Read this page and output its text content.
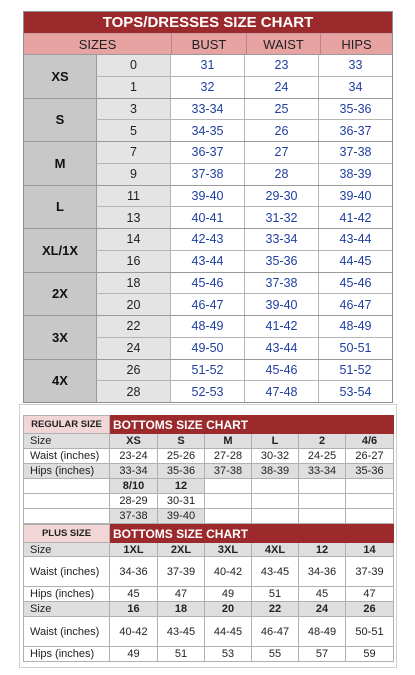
TOPS/DRESSES SIZE CHART
SIZES	BUST	WAIST	HIPS
XS
0	31	23	33
1	32	24	34
S
3	33-34	25	35-36
5	34-35	26	36-37
M
7	36-37	27	37-38
9	37-38	28	38-39
L
11	39-40	29-30	39-40
13	40-41	31-32	41-42
XL/1X
14	42-43	33-34	43-44
16	43-44	35-36	44-45
2X
18	45-46	37-38	45-46
20	46-47	39-40	46-47
3X
22	48-49	41-42	48-49
24	49-50	43-44	50-51
4X
26	51-52	45-46	51-52
28	52-53	47-48	53-54
REGULAR SIZE	BOTTOMS SIZE CHART					
Size	XS	S	M	L	2	4/6
Waist (inches)	23-24	25-26	27-28	30-32	24-25	26-27
Hips (inches)	33-34	35-36	37-38	38-39	33-34	35-36
	8/10	12				
	28-29	30-31				
	37-38	39-40				
PLUS SIZE	BOTTOMS SIZE CHART					
Size	1XL	2XL	3XL	4XL	12	14
Waist (inches)	34-36	37-39	40-42	43-45	34-36	37-39
Hips (inches)	45	47	49	51	45	47
Size	16	18	20	22	24	26
Waist (inches)	40-42	43-45	44-45	46-47	48-49	50-51
Hips (inches)	49	51	53	55	57	59
